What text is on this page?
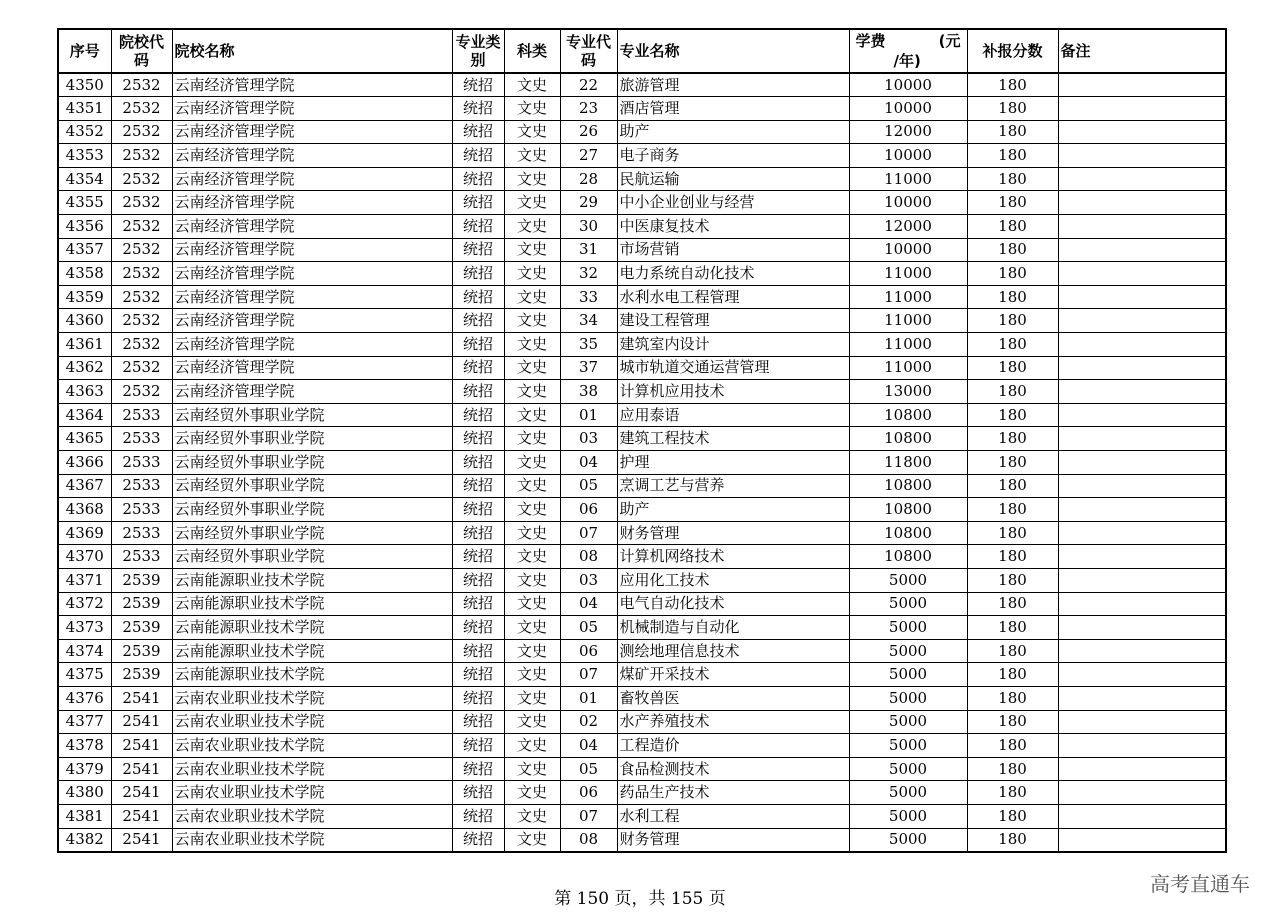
序号	院校代码	院校名称	专业类别	科类	专业代码	专业名称	学费 (元
/年)	补报分数	备注
4350	2532	云南经济管理学院	统招	文史	22	旅游管理	10000	180	
4351	2532	云南经济管理学院	统招	文史	23	酒店管理	10000	180	
4352	2532	云南经济管理学院	统招	文史	26	助产	12000	180	
4353	2532	云南经济管理学院	统招	文史	27	电子商务	10000	180	
4354	2532	云南经济管理学院	统招	文史	28	民航运输	11000	180	
4355	2532	云南经济管理学院	统招	文史	29	中小企业创业与经营	10000	180	
4356	2532	云南经济管理学院	统招	文史	30	中医康复技术	12000	180	
4357	2532	云南经济管理学院	统招	文史	31	市场营销	10000	180	
4358	2532	云南经济管理学院	统招	文史	32	电力系统自动化技术	11000	180	
4359	2532	云南经济管理学院	统招	文史	33	水利水电工程管理	11000	180	
4360	2532	云南经济管理学院	统招	文史	34	建设工程管理	11000	180	
4361	2532	云南经济管理学院	统招	文史	35	建筑室内设计	11000	180	
4362	2532	云南经济管理学院	统招	文史	37	城市轨道交通运营管理	11000	180	
4363	2532	云南经济管理学院	统招	文史	38	计算机应用技术	13000	180	
4364	2533	云南经贸外事职业学院	统招	文史	01	应用泰语	10800	180	
4365	2533	云南经贸外事职业学院	统招	文史	03	建筑工程技术	10800	180	
4366	2533	云南经贸外事职业学院	统招	文史	04	护理	11800	180	
4367	2533	云南经贸外事职业学院	统招	文史	05	烹调工艺与营养	10800	180	
4368	2533	云南经贸外事职业学院	统招	文史	06	助产	10800	180	
4369	2533	云南经贸外事职业学院	统招	文史	07	财务管理	10800	180	
4370	2533	云南经贸外事职业学院	统招	文史	08	计算机网络技术	10800	180	
4371	2539	云南能源职业技术学院	统招	文史	03	应用化工技术	5000	180	
4372	2539	云南能源职业技术学院	统招	文史	04	电气自动化技术	5000	180	
4373	2539	云南能源职业技术学院	统招	文史	05	机械制造与自动化	5000	180	
4374	2539	云南能源职业技术学院	统招	文史	06	测绘地理信息技术	5000	180	
4375	2539	云南能源职业技术学院	统招	文史	07	煤矿开采技术	5000	180	
4376	2541	云南农业职业技术学院	统招	文史	01	畜牧兽医	5000	180	
4377	2541	云南农业职业技术学院	统招	文史	02	水产养殖技术	5000	180	
4378	2541	云南农业职业技术学院	统招	文史	04	工程造价	5000	180	
4379	2541	云南农业职业技术学院	统招	文史	05	食品检测技术	5000	180	
4380	2541	云南农业职业技术学院	统招	文史	06	药品生产技术	5000	180	
4381	2541	云南农业职业技术学院	统招	文史	07	水利工程	5000	180	
4382	2541	云南农业职业技术学院	统招	文史	08	财务管理	5000	180	
第 150 页，共 155 页
高考直通车
